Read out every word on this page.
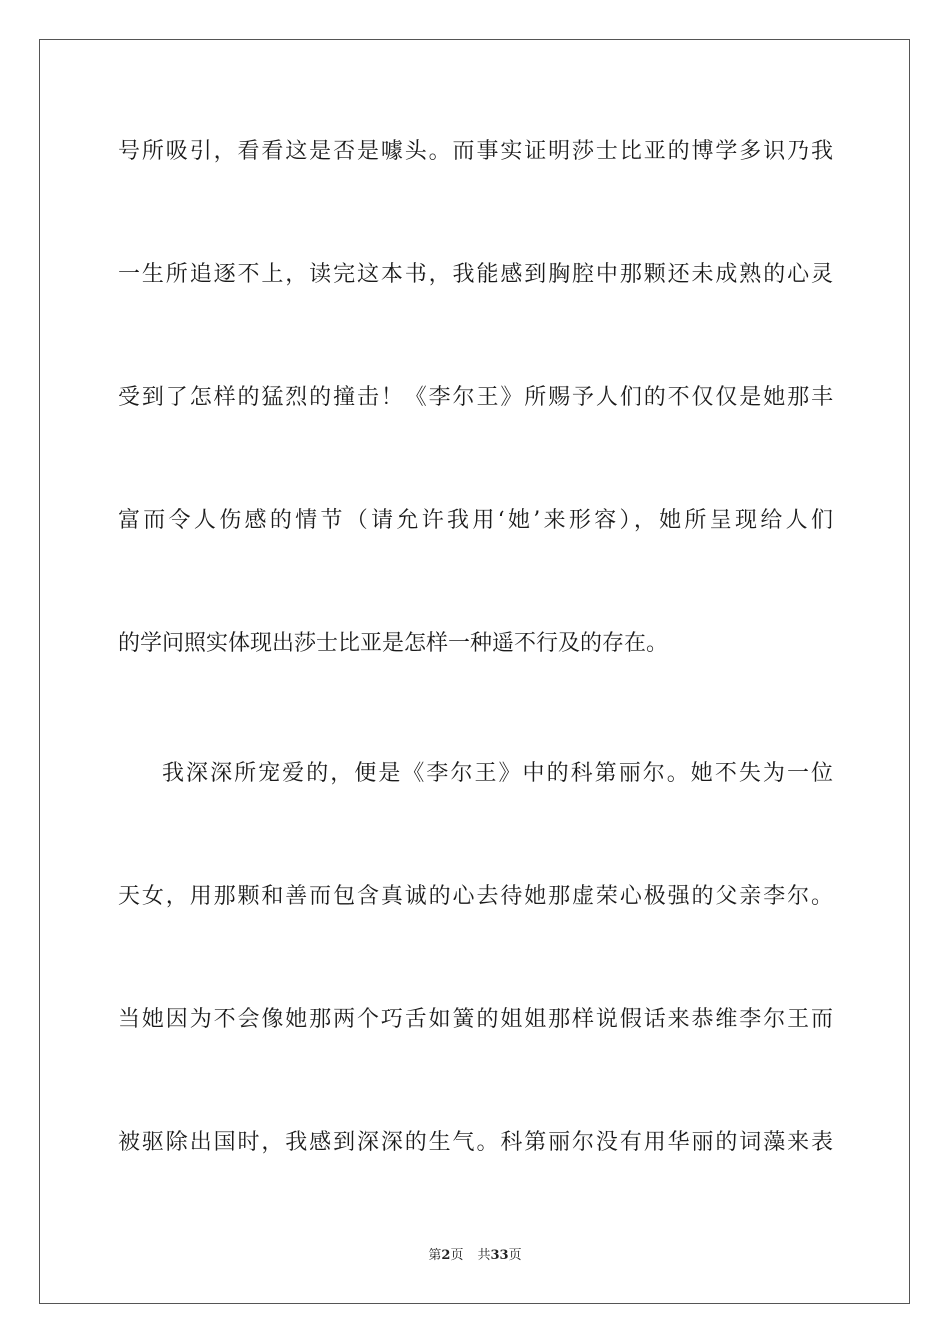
号所吸引，看看这是否是噱头。而事实证明莎士比亚的博学多识乃我
一生所追逐不上，读完这本书，我能感到胸腔中那颗还未成熟的心灵
受到了怎样的猛烈的撞击！《李尔王》所赐予人们的不仅仅是她那丰
富而令人伤感的情节（请允许我用‘她’来形容），她所呈现给人们
的学问照实体现出莎士比亚是怎样一种遥不行及的存在。
我深深所宠爱的，便是《李尔王》中的科第丽尔。她不失为一位
天女，用那颗和善而包含真诚的心去待她那虚荣心极强的父亲李尔。
当她因为不会像她那两个巧舌如簧的姐姐那样说假话来恭维李尔王而
被驱除出国时，我感到深深的生气。科第丽尔没有用华丽的词藻来表
第2页 共33页
